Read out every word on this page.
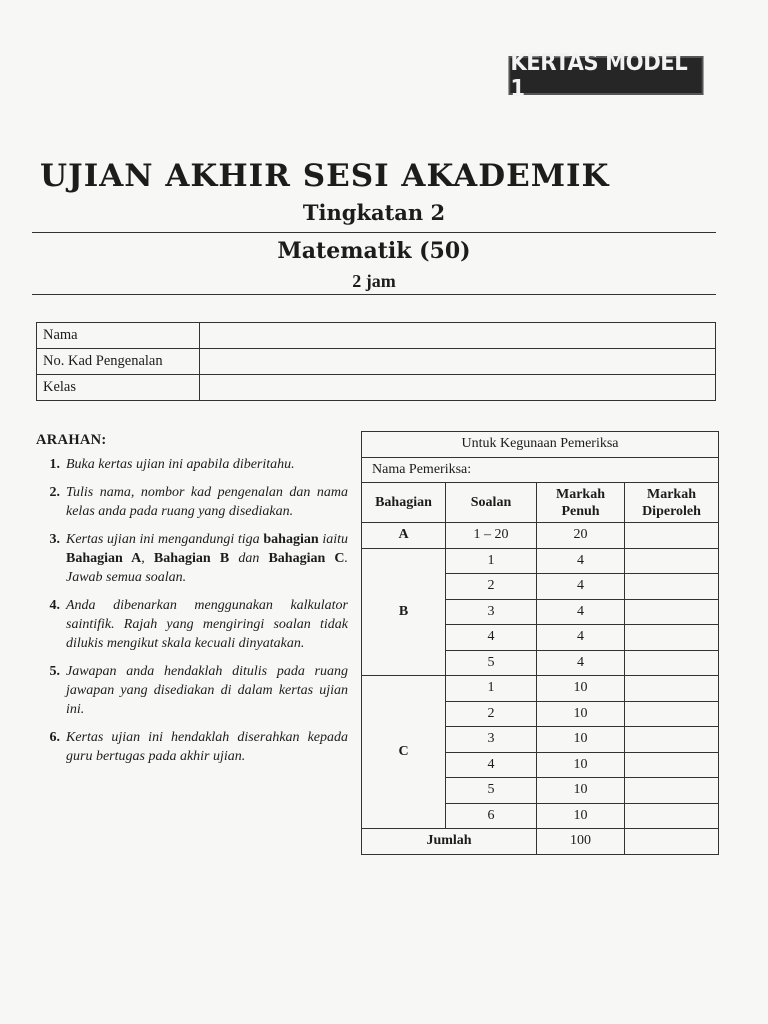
KERTAS MODEL 1
UJIAN AKHIR SESI AKADEMIK
Tingkatan 2
Matematik (50)
2 jam
Nama	
No. Kad Pengenalan	
Kelas	
ARAHAN:
1. Buka kertas ujian ini apabila diberitahu.
2. Tulis nama, nombor kad pengenalan dan nama kelas anda pada ruang yang disediakan.
3. Kertas ujian ini mengandungi tiga bahagian iaitu Bahagian A, Bahagian B dan Bahagian C. Jawab semua soalan.
4. Anda dibenarkan menggunakan kalkulator saintifik. Rajah yang mengiringi soalan tidak dilukis mengikut skala kecuali dinyatakan.
5. Jawapan anda hendaklah ditulis pada ruang jawapan yang disediakan di dalam kertas ujian ini.
6. Kertas ujian ini hendaklah diserahkan kepada guru bertugas pada akhir ujian.
Untuk Kegunaan Pemeriksa			
Nama Pemeriksa:			
Bahagian	Soalan	Markah Penuh	Markah Diperoleh
A	1 – 20	20	
B	1	4	
	2	4	
	3	4	
	4	4	
	5	4	
C	1	10	
	2	10	
	3	10	
	4	10	
	5	10	
	6	10	
Jumlah		100	
